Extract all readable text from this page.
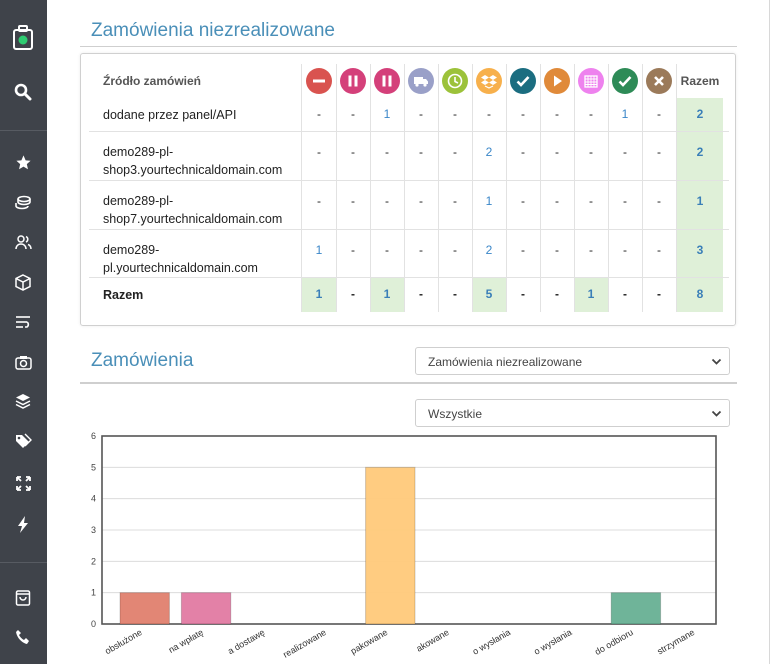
Zamówienia niezrealizowane
Źródło zamówień	Razem
dodane przez panel/API	-	-	1	-	-	-	-	-	-	1	-	2
demo289-pl-
shop3.yourtechnicaldomain.com
-	-	-	-	-	2	-	-	-	-	-	2
demo289-pl-
shop7.yourtechnicaldomain.com
-	-	-	-	-	1	-	-	-	-	-	1
demo289-
pl.yourtechnicaldomain.com
1	-	-	-	-	2	-	-	-	-	-	3
Razem	1	-	1	-	-	5	-	-	1	-	-	8
Zamówienia	Zamówienia niezrealizowane
Wszystkie
0
1
2
3
4
5
6
obsłużone	na wpłatę a dostawę realizowane pakowane	akowane o wysłania o wysłania do odbioru strzymane
